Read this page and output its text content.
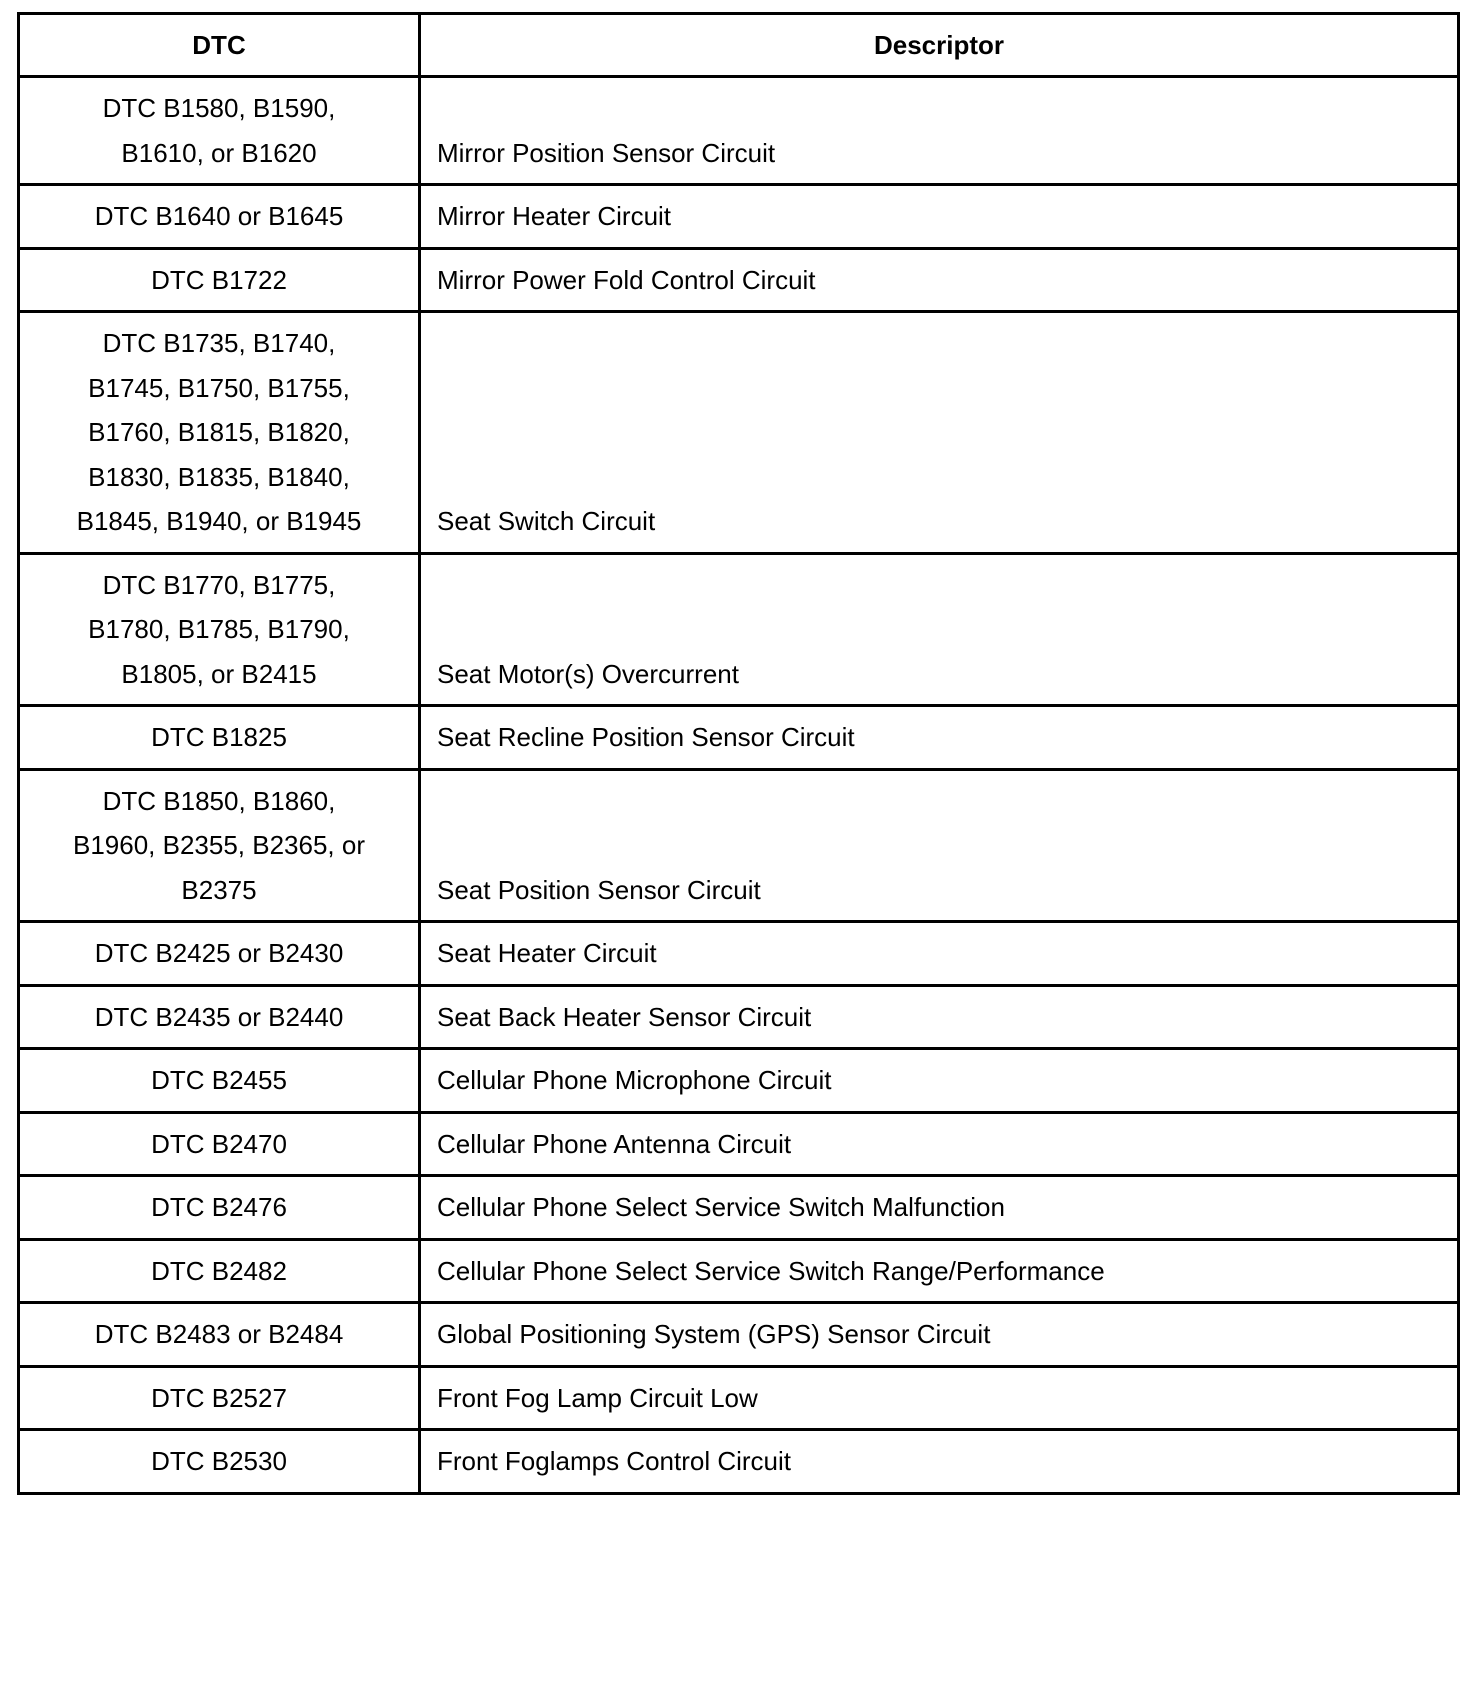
DTC	Descriptor
DTC B1580, B1590,
B1610, or B1620	Mirror Position Sensor Circuit
DTC B1640 or B1645	Mirror Heater Circuit
DTC B1722	Mirror Power Fold Control Circuit
DTC B1735, B1740,
B1745, B1750, B1755,
B1760, B1815, B1820,
B1830, B1835, B1840,
B1845, B1940, or B1945	Seat Switch Circuit
DTC B1770, B1775,
B1780, B1785, B1790,
B1805, or B2415	Seat Motor(s) Overcurrent
DTC B1825	Seat Recline Position Sensor Circuit
DTC B1850, B1860,
B1960, B2355, B2365, or
B2375	Seat Position Sensor Circuit
DTC B2425 or B2430	Seat Heater Circuit
DTC B2435 or B2440	Seat Back Heater Sensor Circuit
DTC B2455	Cellular Phone Microphone Circuit
DTC B2470	Cellular Phone Antenna Circuit
DTC B2476	Cellular Phone Select Service Switch Malfunction
DTC B2482	Cellular Phone Select Service Switch Range/Performance
DTC B2483 or B2484	Global Positioning System (GPS) Sensor Circuit
DTC B2527	Front Fog Lamp Circuit Low
DTC B2530	Front Foglamps Control Circuit
